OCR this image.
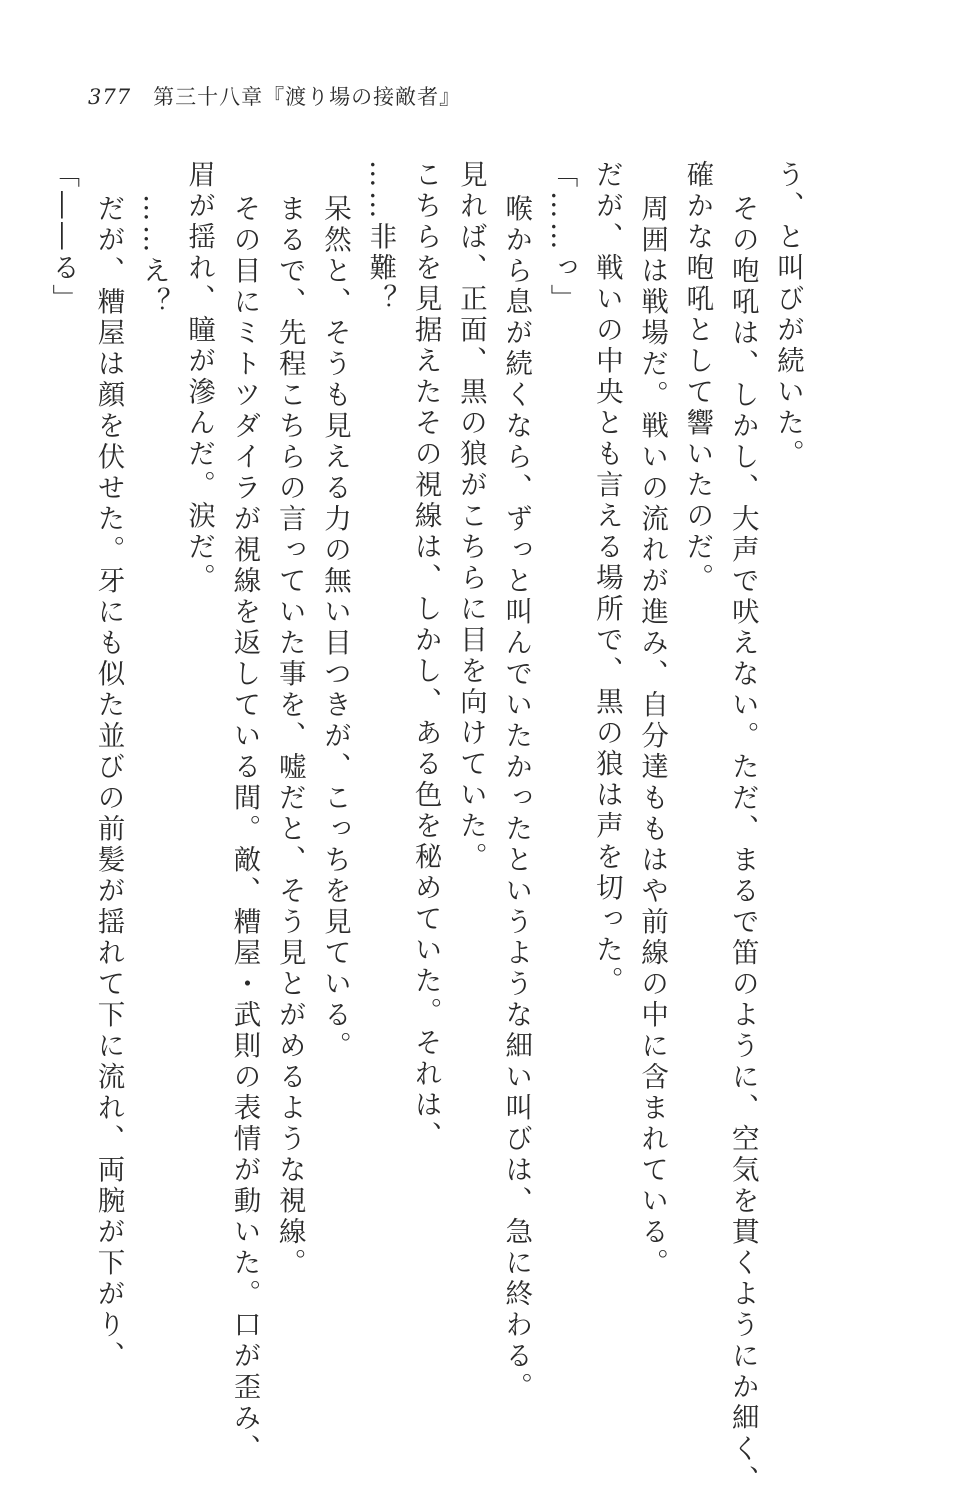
377 第三十八章『渡り場の接敵者』
う、と叫びが続いた。
その咆吼は、しかし、大声で吠えない。ただ、まるで笛のように、空気を貫くようにか細く、
確かな咆吼として響いたのだ。
周囲は戦場だ。戦いの流れが進み、自分達ももはや前線の中に含まれている。
だが、戦いの中央とも言える場所で、黒の狼は声を切った。
「……っ」
喉から息が続くなら、ずっと叫んでいたかったというような細い叫びは、急に終わる。
見れば、正面、黒の狼がこちらに目を向けていた。
こちらを見据えたその視線は、しかし、ある色を秘めていた。それは、
……非難？
呆然と、そうも見える力の無い目つきが、こっちを見ている。
まるで、先程こちらの言っていた事を、嘘だと、そう見とがめるような視線。
その目にミトツダイラが視線を返している間。敵、糟屋・武則の表情が動いた。口が歪み、
眉が揺れ、瞳が滲んだ。涙だ。
……え？
だが、糟屋は顔を伏せた。牙にも似た並びの前髪が揺れて下に流れ、両腕が下がり、
「――る」
